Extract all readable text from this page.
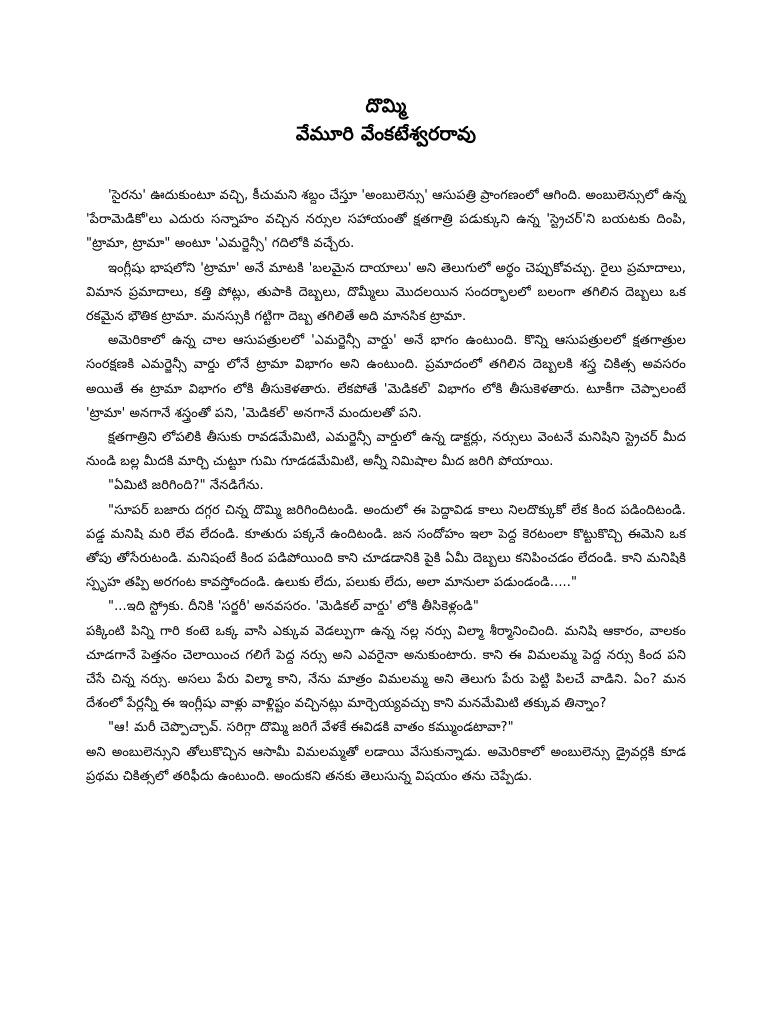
దొమ్మి
వేమూరి వేంకటేశ్వరరావు

'సైరను' ఊదుకుంటూ వచ్చి, కీచుమని శబ్దం చేస్తూ 'అంబులెన్సు' ఆసుపత్రి ప్రాంగణంలో ఆగింది. అంబులెన్సులో ఉన్న 'పేరామెడికో'లు ఎదురు సన్నాహం వచ్చిన నర్సుల సహాయంతో క్షతగాత్రి పడుక్కుని ఉన్న 'స్ట్రెచర్'ని బయటకు దింపి, "ట్రామా, ట్రామా" అంటూ 'ఎమర్జెన్సీ' గదిలోకి వచ్చేరు.

ఇంగ్లీషు భాషలోని 'ట్రామా' అనే మాటకి 'బలమైన దాయాలు' అని తెలుగులో అర్థం చెప్పుకోవచ్చు. రైలు ప్రమాదాలు, విమాన ప్రమాదాలు, కత్తి పోట్లు, తుపాకి దెబ్బలు, దొమ్మీలు మొదలయిన సందర్భాలలో బలంగా తగిలిన దెబ్బలు ఒక రకమైన భౌతిక ట్రామా. మనస్సుకి గట్టిగా దెబ్బ తగిలితే అది మానసిక ట్రామా.

అమెరికాలో ఉన్న చాల ఆసుపత్రులలో 'ఎమర్జెన్సీ వార్డు' అనే భాగం ఉంటుంది. కొన్ని ఆసుపత్రులలో క్షతగాత్రుల సంరక్షణకి ఎమర్జెన్సీ వార్డు లోనే ట్రామా విభాగం అని ఉంటుంది. ప్రమాదంలో తగిలిన దెబ్బలకి శస్త్ర చికిత్స అవసరం అయితే ఈ ట్రామా విభాగం లోకి తీసుకెళతారు. లేకపోతే 'మెడికల్' విభాగం లోకి తీసుకెళతారు. టూకీగా చెప్పాలంటే 'ట్రామా' అనగానే శస్త్రంతో పని, 'మెడికల్' అనగానే మందులతో పని.

క్షతగాత్రిని లోపలికి తీసుకు రావడమేమిటి, ఎమర్జెన్సీ వార్డులో ఉన్న డాక్టర్లు, నర్సులు వెంటనే మనిషిని స్ట్రెచర్ మీద నుండి బల్ల మీదకి మార్చి చుట్టూ గుమి గూడడమేమిటి, అన్నీ నిమిషాల మీద జరిగి పోయాయి.

"ఏమిటి జరిగింది?" నేనడిగేను.

"సూపర్ బజారు దగ్గర చిన్న దొమ్మి జరిగిందిటండి. అందులో ఈ పెద్దావిడ కాలు నిలదొక్కుకో లేక కింద పడిందిటండి. పడ్డ మనిషి మరి లేవ లేదండి. కూతురు పక్కనే ఉందిటండి. జన సందోహం ఇలా పెద్ద కెరటంలా కొట్టుకొచ్చి ఈమెని ఒక తోపు తోసేరుటండి. మనిషంటే కింద పడిపోయింది కాని చూడడానికి పైకి ఏమీ దెబ్బలు కనిపించడం లేదండి. కాని మనిషికి స్పృహ తప్పి అరగంట కావస్తోందండి. ఉలుకు లేదు, పలుకు లేదు, అలా మానులా పడుండండి....."

"...ఇది స్ట్రోకు. దీనికి 'సర్జరీ' అనవసరం. 'మెడికల్ వార్డు' లోకి తీసికెళ్లండి"

పక్కింటి పిన్ని గారి కంటె ఒక్క వాసి ఎక్కువ వెడల్పుగా ఉన్న నల్ల నర్సు విల్మా శీర్మానించింది. మనిషి ఆకారం, వాలకం చూడగానే పెత్తనం చెలాయించ గలిగే పెద్ద నర్సు అని ఎవరైనా అనుకుంటారు. కాని ఈ విమలమ్మ పెద్ద నర్సు కింద పని చేసే చిన్న నర్సు. అసలు పేరు విల్మా కాని, నేను మాత్రం విమలమ్మ అని తెలుగు పేరు పెట్టి పిలచే వాడిని. ఏం? మన దేశంలో పేర్లన్నీ ఈ ఇంగ్లీషు వాళ్లు వాళ్లిష్టం వచ్చినట్లు మార్చెయ్యవచ్చు కాని మనమేమిటి తక్కువ తిన్నాం?

"ఆ! మరీ చెప్పొచ్చావ్. సరిగ్గా దొమ్మి జరిగే వేళకే ఈవిడకి వాతం కమ్ముండటావా?"

అని అంబులెన్సుని తోలుకొచ్చిన ఆసామీ విమలమ్మతో లడాయి వేసుకున్నాడు. అమెరికాలో అంబులెన్సు డ్రైవర్లకి కూడ ప్రథమ చికిత్సలో తరిఫీదు ఉంటుంది. అందుకని తనకు తెలుసున్న విషయం తను చెప్పేడు.
